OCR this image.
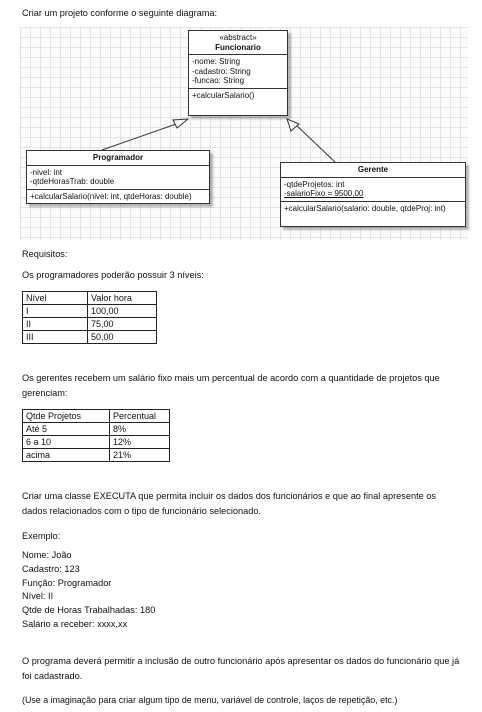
Criar um projeto conforme o seguinte diagrama:
«abstract»
Funcionario
-nome: String
-cadastro: String
-funcao: String
+calcularSalario()
Programador
-nivel: int
-qtdeHorasTrab: double
+calcularSalario(nivel: int, qtdeHoras: double)
Gerente
-qtdeProjetos: int
-salarioFixo = 9500,00
+calcularSalario(salario: double, qtdeProj: int)
Requisitos:
Os programadores poderão possuir 3 níveis:
Nível	Valor hora
I	100,00
II	75,00
III	50,00
Os gerentes recebem um salário fixo mais um percentual de acordo com a quantidade de projetos que gerenciam:
Qtde Projetos	Percentual
Até 5	8%
6 a 10	12%
acima	21%
Criar uma classe EXECUTA que permita incluir os dados dos funcionários e que ao final apresente os dados relacionados com o tipo de funcionário selecionado.
Exemplo:
Nome: João
Cadastro: 123
Função: Programador
Nível: II
Qtde de Horas Trabalhadas: 180
Salário a receber: xxxx,xx
O programa deverá permitir a inclusão de outro funcionário após apresentar os dados do funcionário que já foi cadastrado.
(Use a imaginação para criar algum tipo de menu, variável de controle, laços de repetição, etc.)
